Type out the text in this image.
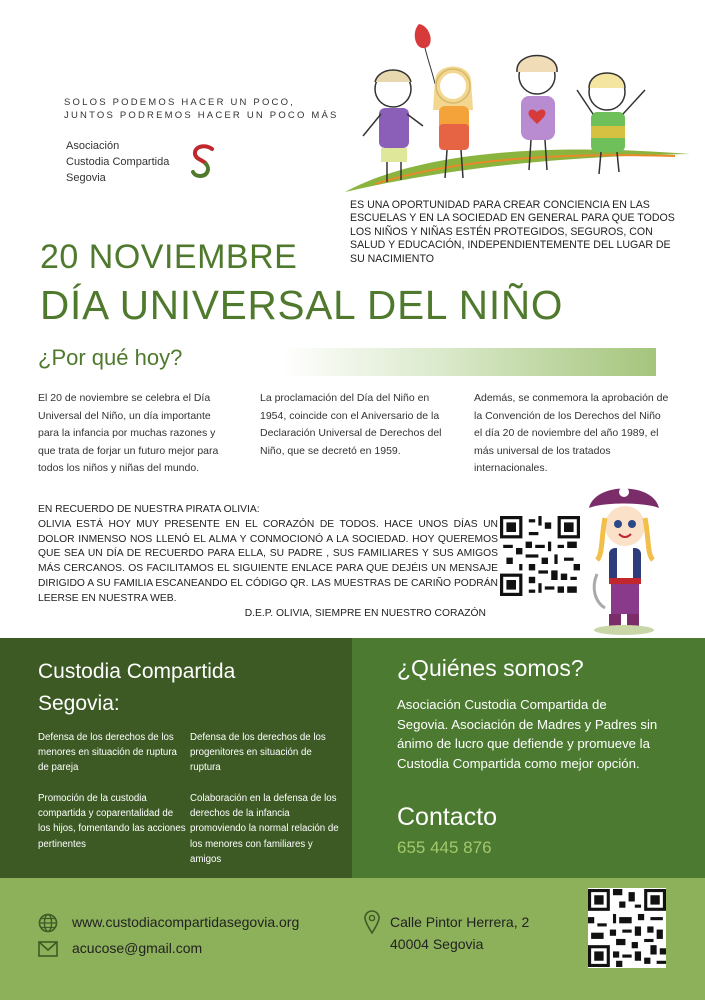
SOLOS PODEMOS HACER UN POCO,
JUNTOS PODREMOS HACER UN POCO MÁS
Asociación
Custodia Compartida
Segovia
ES UNA OPORTUNIDAD PARA CREAR CONCIENCIA EN LAS ESCUELAS Y EN LA SOCIEDAD EN GENERAL PARA QUE TODOS LOS NIÑOS Y NIÑAS ESTÉN PROTEGIDOS, SEGUROS, CON SALUD Y EDUCACIÓN, INDEPENDIENTEMENTE DEL LUGAR DE SU NACIMIENTO
20 NOVIEMBRE
DÍA UNIVERSAL DEL NIÑO
¿Por qué hoy?
El 20 de noviembre se celebra el Día Universal del Niño, un día importante para la infancia por muchas razones y que trata de forjar un futuro mejor para todos los niños y niñas del mundo.
La proclamación del Día del Niño en 1954, coincide con el Aniversario de la Declaración Universal de Derechos del Niño, que se decretó en 1959.
Además, se conmemora la aprobación de la Convención de los Derechos del Niño el día 20 de noviembre del año 1989, el más universal de los tratados internacionales.
EN RECUERDO DE NUESTRA PIRATA OLIVIA:
OLIVIA ESTÁ HOY MUY PRESENTE EN EL CORAZÓN DE TODOS. HACE UNOS DÍAS UN DOLOR INMENSO NOS LLENÓ EL ALMA Y CONMOCIONÓ A LA SOCIEDAD. HOY QUEREMOS QUE SEA UN DÍA DE RECUERDO PARA ELLA, SU PADRE , SUS FAMILIARES Y SUS AMIGOS MÁS CERCANOS. OS FACILITAMOS EL SIGUIENTE ENLACE PARA QUE DEJÉIS UN MENSAJE DIRIGIDO A SU FAMILIA ESCANEANDO EL CÓDIGO QR. LAS MUESTRAS DE CARIÑO PODRÁN LEERSE EN NUESTRA WEB.
D.E.P. OLIVIA, SIEMPRE EN NUESTRO CORAZÓN
Custodia Compartida
Segovia:
Defensa de los derechos de los menores en situación de ruptura de pareja
Defensa de los derechos de los progenitores en situación de ruptura
Promoción de la custodia compartida y coparentalidad de los hijos, fomentando las acciones pertinentes
Colaboración en la defensa de los derechos de la infancia promoviendo la normal relación de los menores con familiares y amigos
¿Quiénes somos?
Asociación Custodia Compartida de Segovia. Asociación de Madres y Padres sin ánimo de lucro que defiende y promueve la Custodia Compartida como mejor opción.
Contacto
655 445 876
www.custodiacompartidasegovia.org
acucose@gmail.com
Calle Pintor Herrera, 2
40004 Segovia
